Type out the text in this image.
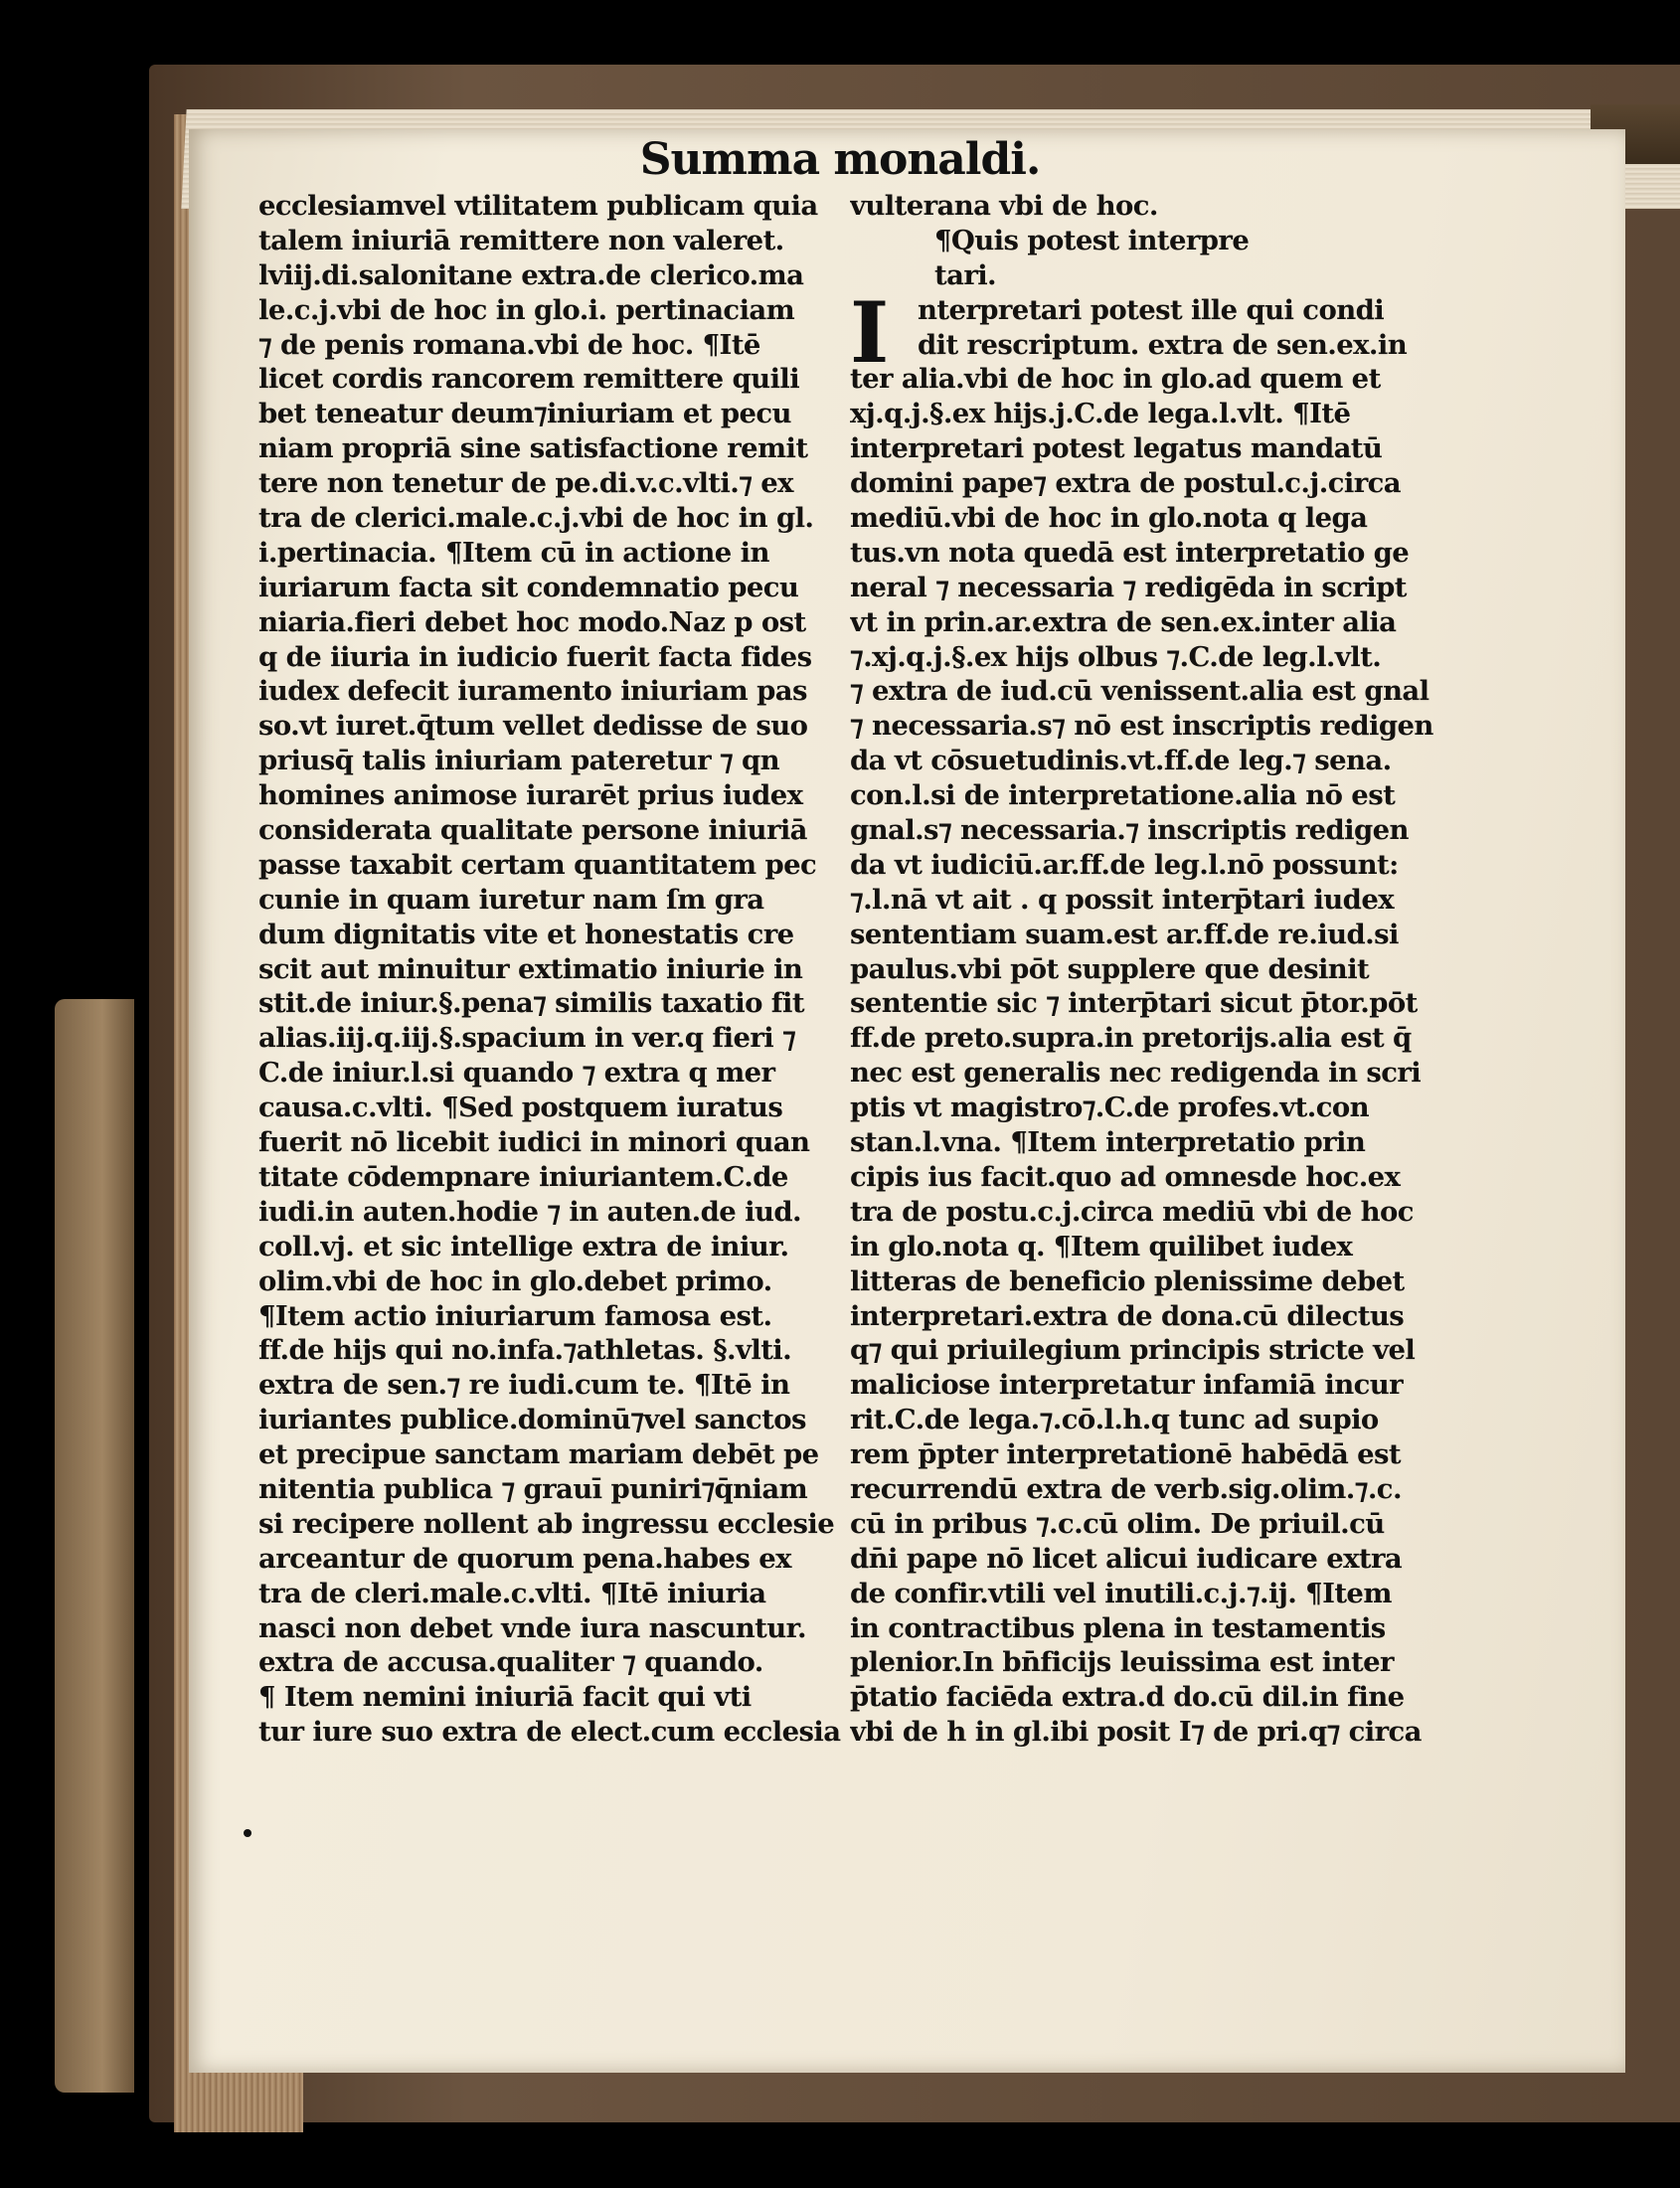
Summa monaldi.
ecclesiamvel vtilitatem publicam quia
talem iniuriā remittere non valeret.
lviij.di.salonitane extra.de clerico.ma
le.c.j.vbi de hoc in glo.i. pertinaciam
⁊ de penis romana.vbi de hoc. ¶Itē
licet cordis rancorem remittere quili
bet teneatur deum⁊iniuriam et pecu
niam propriā sine satisfactione remit
tere non tenetur de pe.di.v.c.vlti.⁊ ex
tra de clerici.male.c.j.vbi de hoc in gl.
i.pertinacia. ¶Item cū in actione in
iuriarum facta sit condemnatio pecu
niaria.fieri debet hoc modo.Naz p ost
q de iiuria in iudicio fuerit facta fides
iudex defecit iuramento iniuriam pas
so.vt iuret.q̄tum vellet dedisse de suo
priusq̄ talis iniuriam pateretur ⁊ qn
homines animose iurarēt prius iudex
considerata qualitate persone iniuriā
passe taxabit certam quantitatem pec
cunie in quam iuretur nam ſm gra
dum dignitatis vite et honestatis cre
scit aut minuitur extimatio iniurie in
stit.de iniur.§.pena⁊ similis taxatio fit
alias.iij.q.iij.§.spacium in ver.q fieri ⁊
C.de iniur.l.si quando ⁊ extra q mer
causa.c.vlti. ¶Sed postquem iuratus
fuerit nō licebit iudici in minori quan
titate cōdempnare iniuriantem.C.de
iudi.in auten.hodie ⁊ in auten.de iud.
coll.vj. et sic intellige extra de iniur.
olim.vbi de hoc in glo.debet primo.
¶Item actio iniuriarum famosa est.
ff.de hijs qui no.infa.⁊athletas. §.vlti.
extra de sen.⁊ re iudi.cum te. ¶Itē in
iuriantes publice.dominū⁊vel sanctos
et precipue sanctam mariam debēt pe
nitentia publica ⁊ grauī puniri⁊q̄niam
si recipere nollent ab ingressu ecclesie
arceantur de quorum pena.habes ex
tra de cleri.male.c.vlti. ¶Itē iniuria
nasci non debet vnde iura nascuntur.
extra de accusa.qualiter ⁊ quando.
¶ Item nemini iniuriā facit qui vti
tur iure suo extra de elect.cum ecclesia
vulterana vbi de hoc.
¶Quis potest interpre
tari.
I	nterpretari potest ille qui condi
dit rescriptum. extra de sen.ex.in
ter alia.vbi de hoc in glo.ad quem et
xj.q.j.§.ex hijs.j.C.de lega.l.vlt. ¶Itē
interpretari potest legatus mandatū
domini pape⁊ extra de postul.c.j.circa
mediū.vbi de hoc in glo.nota q lega
tus.vn nota quedā est interpretatio ge
neral ⁊ necessaria ⁊ redigēda in script
vt in prin.ar.extra de sen.ex.inter alia
⁊.xj.q.j.§.ex hijs olbus ⁊.C.de leg.l.vlt.
⁊ extra de iud.cū venissent.alia est gnal
⁊ necessaria.s⁊ nō est inscriptis redigen
da vt cōsuetudinis.vt.ff.de leg.⁊ sena.
con.l.si de interpretatione.alia nō est
gnal.s⁊ necessaria.⁊ inscriptis redigen
da vt iudiciū.ar.ff.de leg.l.nō possunt:
⁊.l.nā vt ait . q possit interp̄tari iudex
sententiam suam.est ar.ff.de re.iud.si
paulus.vbi pōt supplere que desinit
sententie sic ⁊ interp̄tari sicut p̄tor.pōt
ff.de preto.supra.in pretorijs.alia est q̄
nec est generalis nec redigenda in scri
ptis vt magistro⁊.C.de profes.vt.con
stan.l.vna. ¶Item interpretatio prin
cipis ius facit.quo ad omnesde hoc.ex
tra de postu.c.j.circa mediū vbi de hoc
in glo.nota q. ¶Item quilibet iudex
litteras de beneficio plenissime debet
interpretari.extra de dona.cū dilectus
q⁊ qui priuilegium principis stricte vel
maliciose interpretatur infamiā incur
rit.C.de lega.⁊.cō.l.h.q tunc ad supio
rem p̄pter interpretationē habēdā est
recurrendū extra de verb.sig.olim.⁊.c.
cū in pribus ⁊.c.cū olim. De priuil.cū
dn̄i pape nō licet alicui iudicare extra
de confir.vtili vel inutili.c.j.⁊.ij. ¶Item
in contractibus plena in testamentis
plenior.In bn̄ficijs leuissima est inter
p̄tatio faciēda extra.d do.cū dil.in fine
vbi de h in gl.ibi posit I⁊ de pri.q⁊ circa
